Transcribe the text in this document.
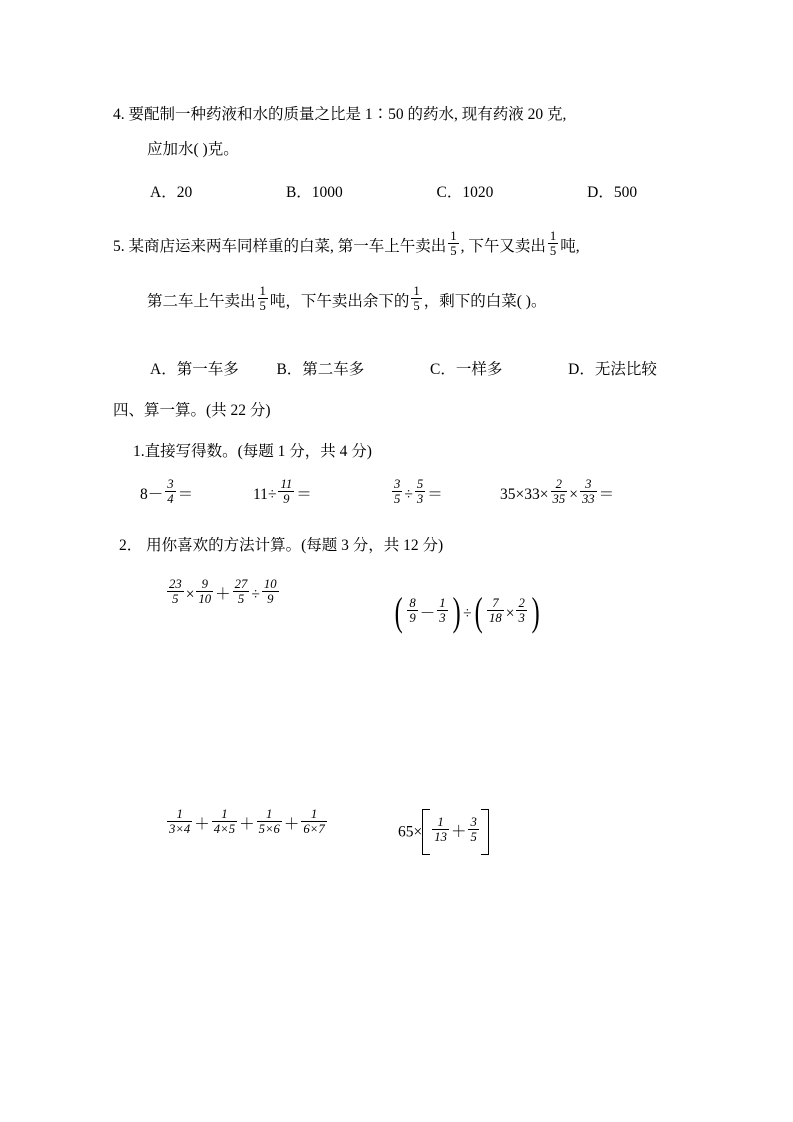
4. 要配制一种药液和水的质量之比是 1∶50 的药水, 现有药液 20 克,
应加水( )克。
A．20	B．1000	C．1020	D．500
5. 某商店运来两车同样重的白菜, 第一车上午卖出 $\frac{1}{5}$ , 下午又卖出 $\frac{1}{5}$ 吨,
第二车上午卖出 $\frac{1}{5}$ 吨，下午卖出余下的 $\frac{1}{5}$ ，剩下的白菜( )。
A．第一车多 B．第二车多	C．一样多	D．无法比较
四、算一算。(共 22 分)
1.直接写得数。(每题 1 分，共 4 分)
$8- \frac{3}{4}$ ＝	$11\div \frac{11}{9}$ ＝	$\frac{3}{5} \div \frac{5}{3}$ ＝	$35\times 33\times \frac{2}{35} \times \frac{3}{33}$ ＝
2． 用你喜欢的方法计算。(每题 3 分，共 12 分)
$\frac{23}{5} \times \frac{9}{10} + \frac{27}{5} \div \frac{10}{9}$	( $\frac{8}{9} - \frac{1}{3}$ ) ÷( $\frac{7}{18} \times \frac{2}{3}$ )
$\frac{1}{3\times 4} + \frac{1}{4\times 5} + \frac{1}{5\times 6} + \frac{1}{6\times 7}$	$65\times \frac{1}{13} + \frac{3}{5}$
